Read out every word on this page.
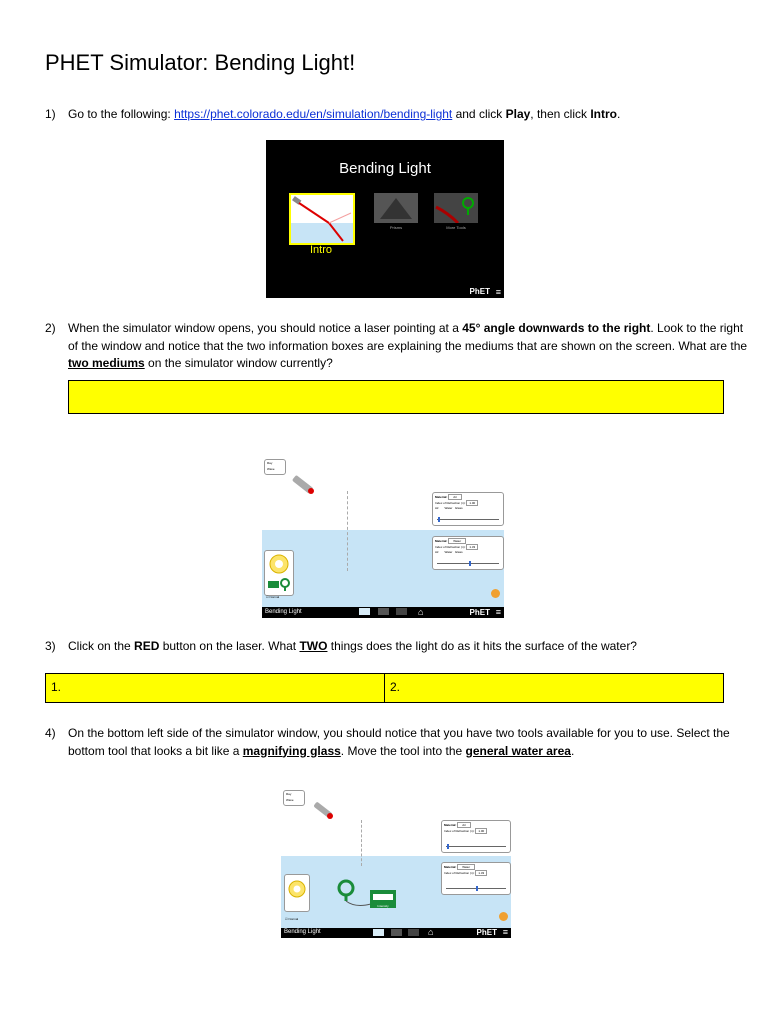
PHET Simulator: Bending Light!
1)	Go to the following: https://phet.colorado.edu/en/simulation/bending-light and click Play, then click Intro.
Bending Light
Intro
Prisms	More Tools
PhET ≡
2)	When the simulator window opens, you should notice a laser pointing at a 45° angle downwards to the right. Look to the right of the window and notice that the two information boxes are explaining the mediums that are shown on the screen. What are the two mediums on the simulator window currently?
Ray
Wave
Material: Air
Index of Refraction (n): 1.00
Air Water Glass
Material: Water
Index of Refraction (n): 1.33
Air Water Glass
☑ Normal
Bending Light	⌂	PhET ≡
3)	Click on the RED button on the laser. What TWO things does the light do as it hits the surface of the water?
1.	2.
4)	On the bottom left side of the simulator window, you should notice that you have two tools available for you to use. Select the bottom tool that looks a bit like a magnifying glass. Move the tool into the general water area.
Ray
Wave
Material: Air
Index of Refraction (n): 1.00
Material: Water
Index of Refraction (n): 1.33
☑ Normal
Intensity
Bending Light	⌂	PhET ≡
